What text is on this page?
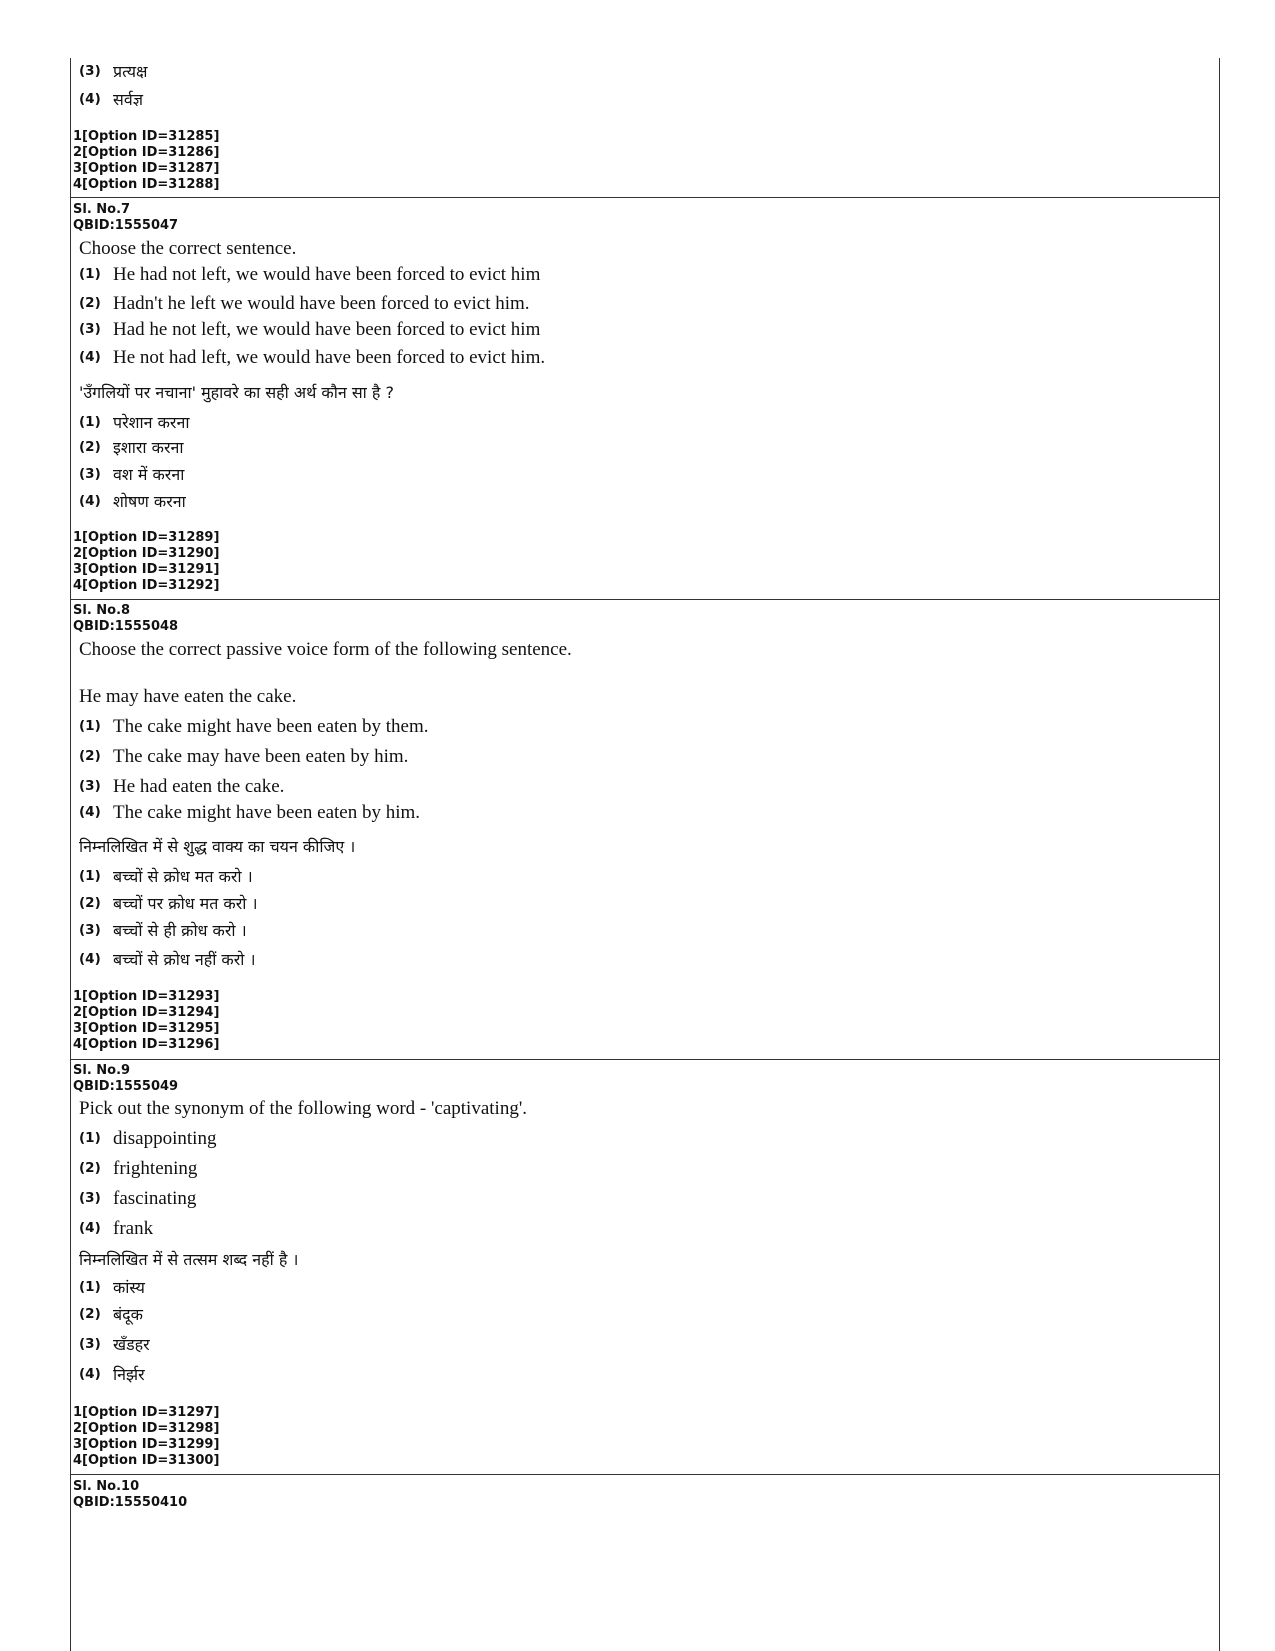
(3) प्रत्यक्ष
(4) सर्वज्ञ
1[Option ID=31285]
2[Option ID=31286]
3[Option ID=31287]
4[Option ID=31288]
Sl. No.7
QBID:1555047
Choose the correct sentence.
(1) He had not left, we would have been forced to evict him
(2) Hadn't he left we would have been forced to evict him.
(3) Had he not left, we would have been forced to evict him
(4) He not had left, we would have been forced to evict him.
'उँगलियों पर नचाना' मुहावरे का सही अर्थ कौन सा है ?
(1) परेशान करना
(2) इशारा करना
(3) वश में करना
(4) शोषण करना
1[Option ID=31289]
2[Option ID=31290]
3[Option ID=31291]
4[Option ID=31292]
Sl. No.8
QBID:1555048
Choose the correct passive voice form of the following sentence.
He may have eaten the cake.
(1) The cake might have been eaten by them.
(2) The cake may have been eaten by him.
(3) He had eaten the cake.
(4) The cake might have been eaten by him.
निम्नलिखित में से शुद्ध वाक्य का चयन कीजिए ।
(1) बच्चों से क्रोध मत करो ।
(2) बच्चों पर क्रोध मत करो ।
(3) बच्चों से ही क्रोध करो ।
(4) बच्चों से क्रोध नहीं करो ।
1[Option ID=31293]
2[Option ID=31294]
3[Option ID=31295]
4[Option ID=31296]
Sl. No.9
QBID:1555049
Pick out the synonym of the following word - 'captivating'.
(1) disappointing
(2) frightening
(3) fascinating
(4) frank
निम्नलिखित में से तत्सम शब्द नहीं है ।
(1) कांस्य
(2) बंदूक
(3) खँडहर
(4) निर्झर
1[Option ID=31297]
2[Option ID=31298]
3[Option ID=31299]
4[Option ID=31300]
Sl. No.10
QBID:15550410
